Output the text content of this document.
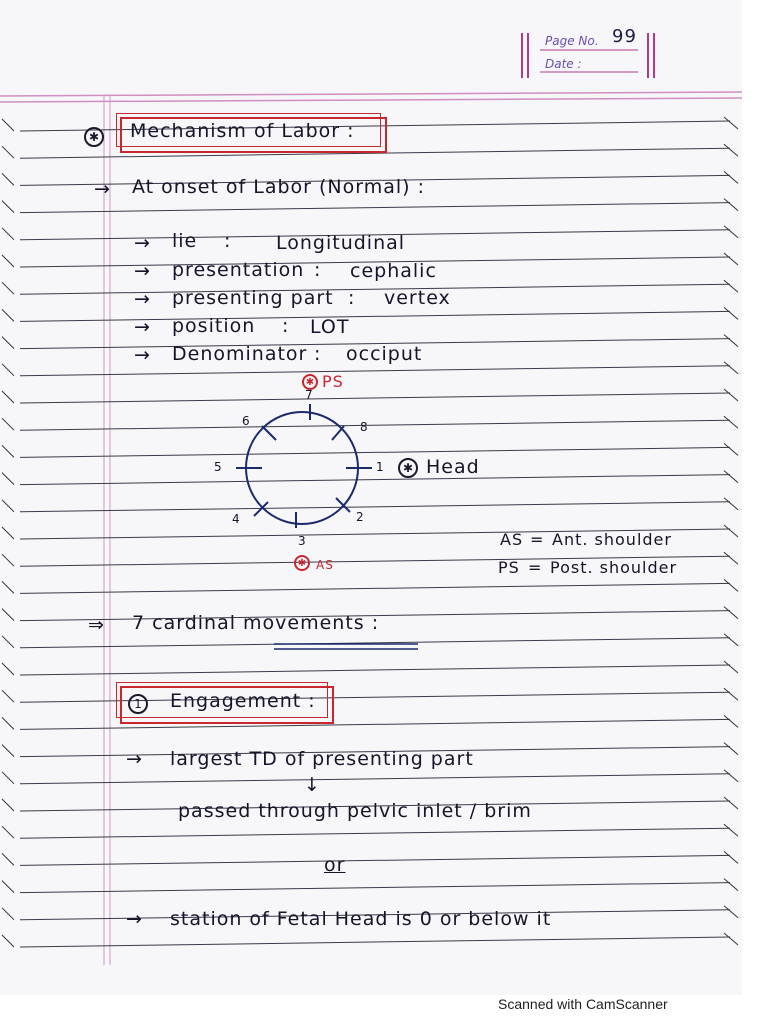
Page No. 99
Date :
✱ Mechanism of Labor :
→ At onset of Labor (Normal) :
→ lie : Longitudinal
→ presentation : cephalic
→ presenting part : vertex
→ position : LOT
→ Denominator : occiput
1
2
3
4
5
6
7
8
✱ PS
✱ AS
✱ Head
AS = Ant. shoulder
PS = Post. shoulder
⇒ 7 cardinal movements :
1	Engagement :
→ largest TD of presenting part
↓
passed through pelvic inlet / brim
or
→ station of Fetal Head is 0 or below it
Scanned with CamScanner
